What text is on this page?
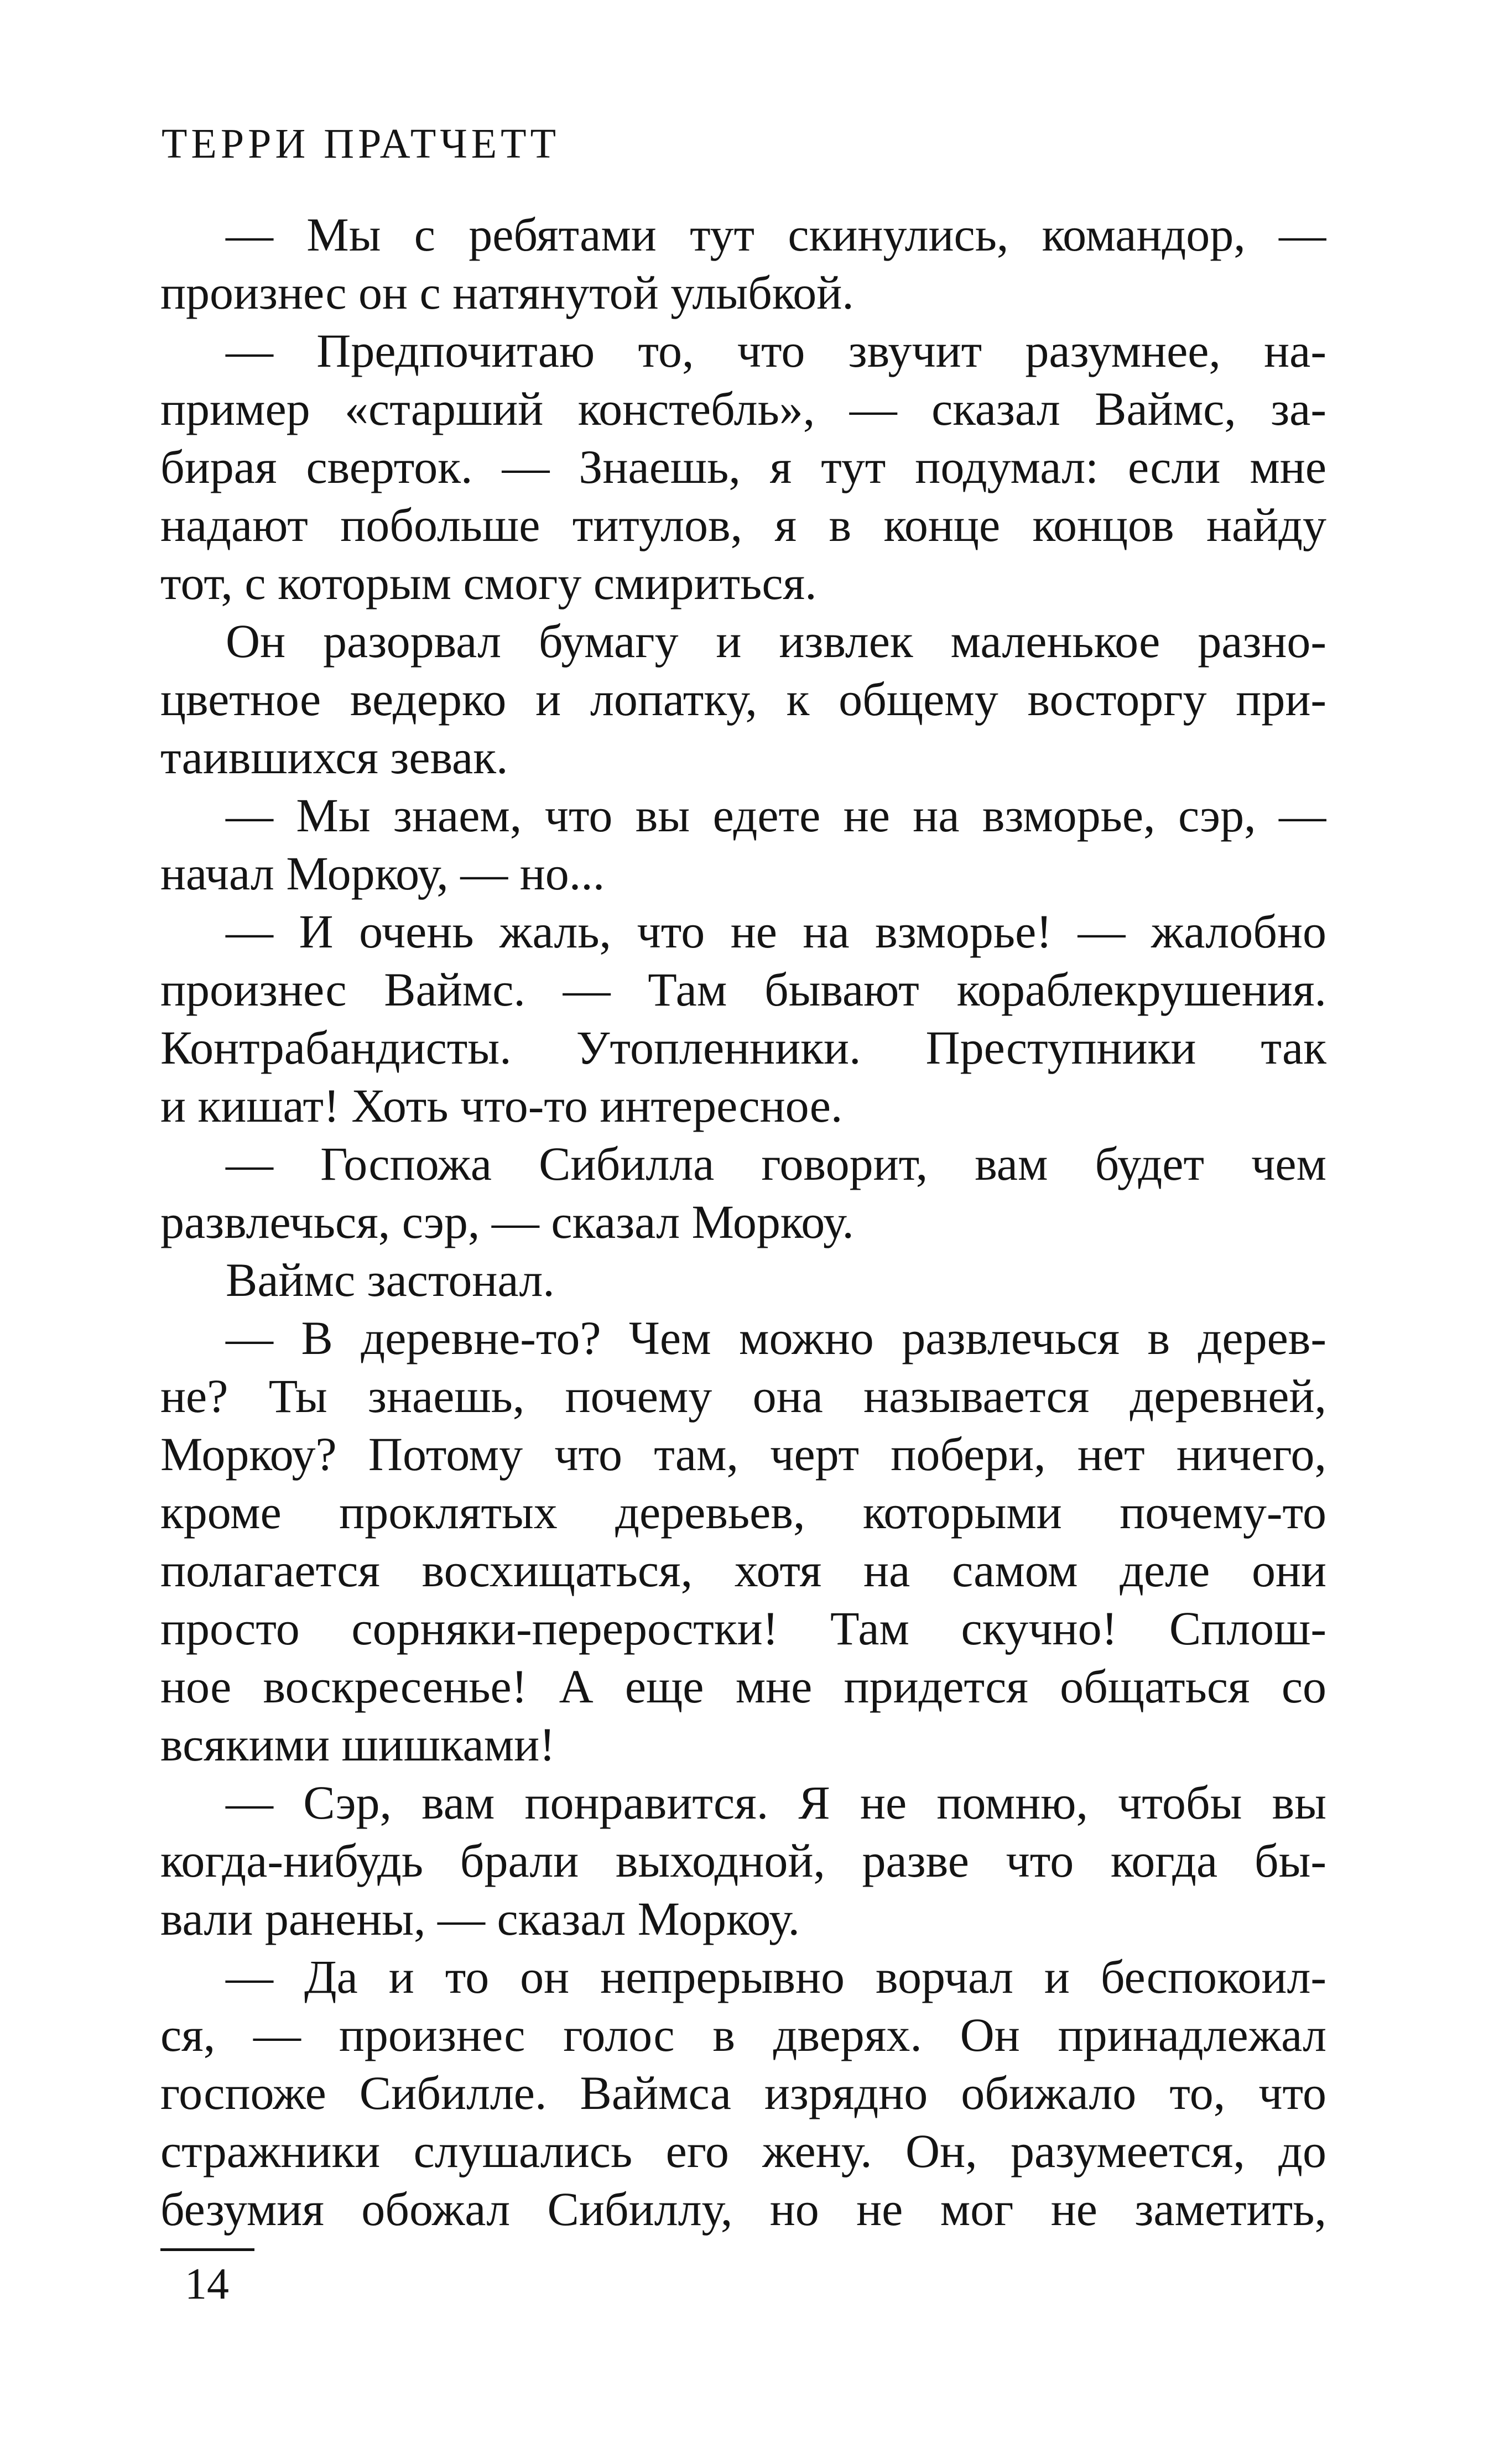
ТЕРРИ ПРАТЧЕТТ
— Мы с ребятами тут скинулись, командор, —
произнес он с натянутой улыбкой.
— Предпочитаю то, что звучит разумнее, на-
пример «старший констебль», — сказал Ваймс, за-
бирая сверток. — Знаешь, я тут подумал: если мне
надают побольше титулов, я в конце концов найду
тот, с которым смогу смириться.
Он разорвал бумагу и извлек маленькое разно-
цветное ведерко и лопатку, к общему восторгу при-
таившихся зевак.
— Мы знаем, что вы едете не на взморье, сэр, —
начал Моркоу, — но...
— И очень жаль, что не на взморье! — жалобно
произнес Ваймс. — Там бывают кораблекрушения.
Контрабандисты. Утопленники. Преступники так
и кишат! Хоть что-то интересное.
— Госпожа Сибилла говорит, вам будет чем
развлечься, сэр, — сказал Моркоу.
Ваймс застонал.
— В деревне-то? Чем можно развлечься в дерев-
не? Ты знаешь, почему она называется деревней,
Моркоу? Потому что там, черт побери, нет ничего,
кроме проклятых деревьев, которыми почему-то
полагается восхищаться, хотя на самом деле они
просто сорняки-переростки! Там скучно! Сплош-
ное воскресенье! А еще мне придется общаться со
всякими шишками!
— Сэр, вам понравится. Я не помню, чтобы вы
когда-нибудь брали выходной, разве что когда бы-
вали ранены, — сказал Моркоу.
— Да и то он непрерывно ворчал и беспокоил-
ся, — произнес голос в дверях. Он принадлежал
госпоже Сибилле. Ваймса изрядно обижало то, что
стражники слушались его жену. Он, разумеется, до
безумия обожал Сибиллу, но не мог не заметить,
14
